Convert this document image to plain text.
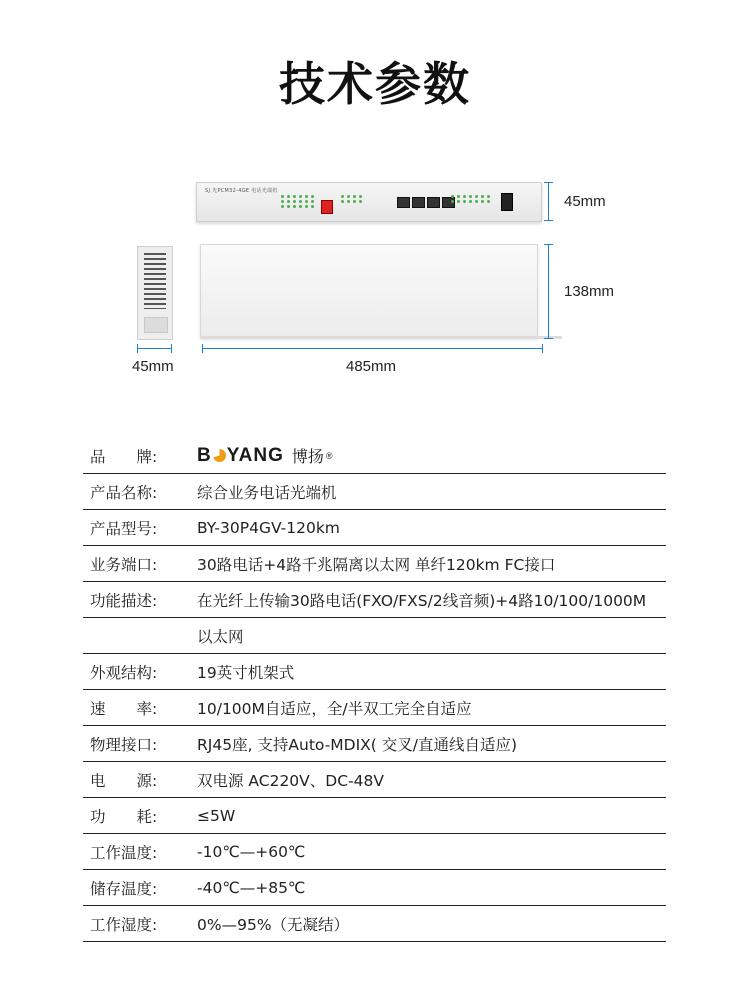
技术参数
SJ 光PCM32-4GE 电话光端机
45mm
138mm
45mm	485mm
品　　牌:	B YANG 博扬 ®
产品名称:	综合业务电话光端机
产品型号:	BY-30P4GV-120km
业务端口:	30路电话+4路千兆隔离以太网 单纤120km FC接口
功能描述:	在光纤上传输30路电话(FXO/FXS/2线音频)+4路10/100/1000M
以太网
外观结构:	19英寸机架式
速　　率:	10/100M自适应，全/半双工完全自适应
物理接口:	RJ45座, 支持Auto-MDIX( 交叉/直通线自适应)
电　　源:	双电源 AC220V、DC-48V
功　　耗:	≤5W
工作温度:	-10℃—+60℃
储存温度:	-40℃—+85℃
工作湿度:	0%—95%（无凝结）
